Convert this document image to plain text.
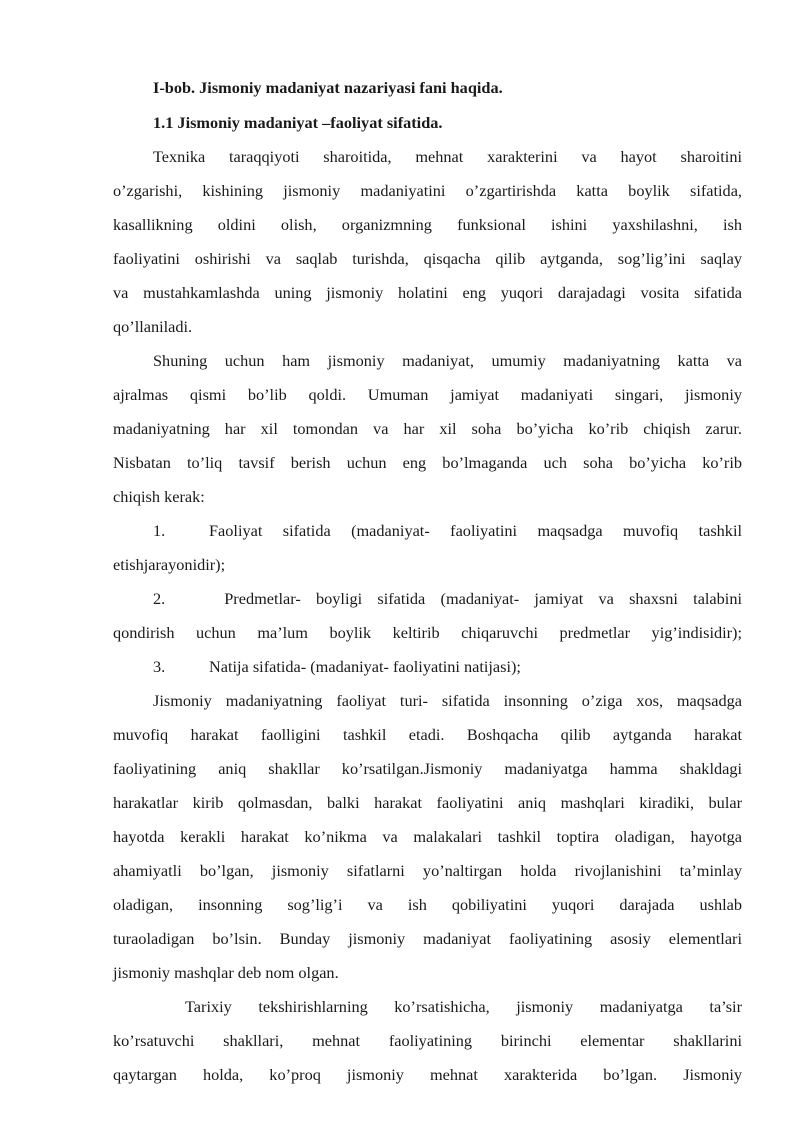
I-bob. Jismoniy madaniyat nazariyasi fani haqida.
1.1 Jismoniy madaniyat –faoliyat sifatida.
Texnika taraqqiyoti sharoitida, mehnat xarakterini va hayot sharoitini
o’zgarishi, kishining jismoniy madaniyatini o’zgartirishda katta boylik sifatida,
kasallikning oldini olish, organizmning funksional ishini yaxshilashni, ish
faoliyatini oshirishi va saqlab turishda, qisqacha qilib aytganda, sog’lig’ini saqlay
va mustahkamlashda uning jismoniy holatini eng yuqori darajadagi vosita sifatida
qo’llaniladi.
Shuning uchun ham jismoniy madaniyat, umumiy madaniyatning katta va
ajralmas qismi bo’lib qoldi. Umuman jamiyat madaniyati singari, jismoniy
madaniyatning har xil tomondan va har xil soha bo’yicha ko’rib chiqish zarur.
Nisbatan to’liq tavsif berish uchun eng bo’lmaganda uch soha bo’yicha ko’rib
chiqish kerak:
1.	Faoliyat sifatida (madaniyat- faoliyatini maqsadga muvofiq tashkil
etishjarayonidir);
2.	Predmetlar- boyligi sifatida (madaniyat- jamiyat va shaxsni talabini
qondirish uchun ma’lum boylik keltirib chiqaruvchi predmetlar yig’indisidir);
3.	Natija sifatida- (madaniyat- faoliyatini natijasi);
Jismoniy madaniyatning faoliyat turi- sifatida insonning o’ziga xos, maqsadga
muvofiq harakat faolligini tashkil etadi. Boshqacha qilib aytganda harakat
faoliyatining aniq shakllar ko’rsatilgan.Jismoniy madaniyatga hamma shakldagi
harakatlar kirib qolmasdan, balki harakat faoliyatini aniq mashqlari kiradiki, bular
hayotda kerakli harakat ko’nikma va malakalari tashkil toptira oladigan, hayotga
ahamiyatli bo’lgan, jismoniy sifatlarni yo’naltirgan holda rivojlanishini ta’minlay
oladigan, insonning sog’lig’i va ish qobiliyatini yuqori darajada ushlab
turaoladigan bo’lsin. Bunday jismoniy madaniyat faoliyatining asosiy elementlari
jismoniy mashqlar deb nom olgan.
Tarixiy tekshirishlarning ko’rsatishicha, jismoniy madaniyatga ta’sir
ko’rsatuvchi shakllari, mehnat faoliyatining birinchi elementar shakllarini
qaytargan holda, ko’proq jismoniy mehnat xarakterida bo’lgan. Jismoniy
